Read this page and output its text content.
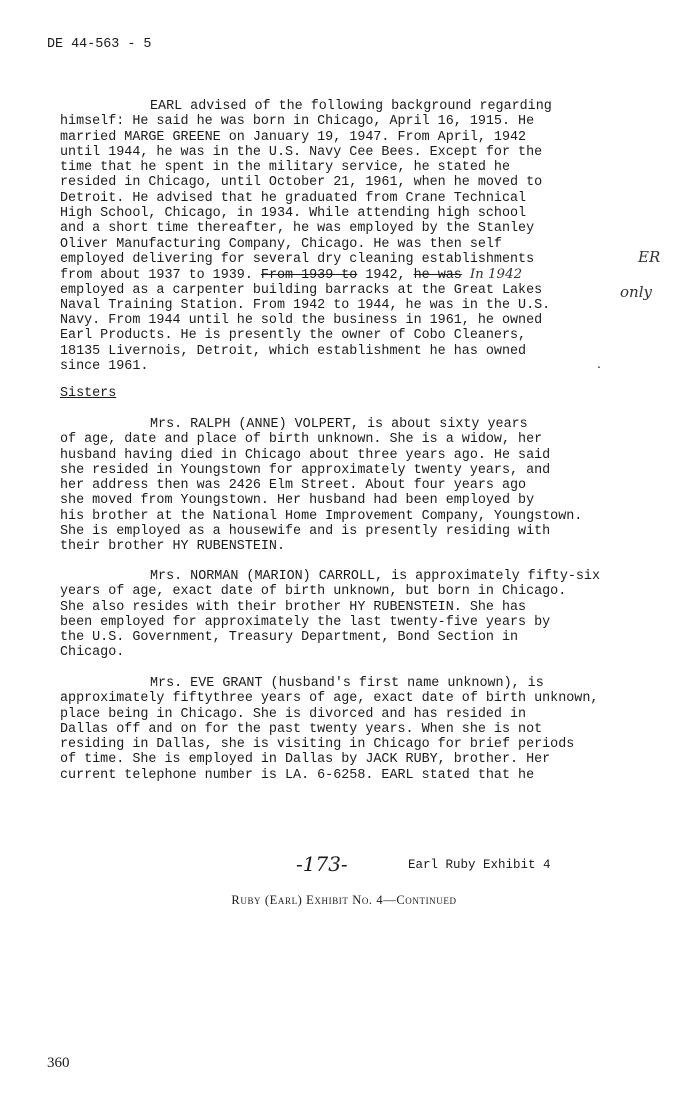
DE 44-563 - 5
EARL advised of the following background regarding
himself: He said he was born in Chicago, April 16, 1915. He
married MARGE GREENE on January 19, 1947. From April, 1942
until 1944, he was in the U.S. Navy Cee Bees. Except for the
time that he spent in the military service, he stated he
resided in Chicago, until October 21, 1961, when he moved to
Detroit. He advised that he graduated from Crane Technical
High School, Chicago, in 1934. While attending high school
and a short time thereafter, he was employed by the Stanley
Oliver Manufacturing Company, Chicago. He was then self
employed delivering for several dry cleaning establishments
from about 1937 to 1939. From 1939 to 1942, he was In 1942
employed as a carpenter building barracks at the Great Lakes
Naval Training Station. From 1942 to 1944, he was in the U.S.
Navy. From 1944 until he sold the business in 1961, he owned
Earl Products. He is presently the owner of Cobo Cleaners,
18135 Livernois, Detroit, which establishment he has owned
since 1961.
ER
only
.
Sisters
Mrs. RALPH (ANNE) VOLPERT, is about sixty years
of age, date and place of birth unknown. She is a widow, her
husband having died in Chicago about three years ago. He said
she resided in Youngstown for approximately twenty years, and
her address then was 2426 Elm Street. About four years ago
she moved from Youngstown. Her husband had been employed by
his brother at the National Home Improvement Company, Youngstown.
She is employed as a housewife and is presently residing with
their brother HY RUBENSTEIN.
Mrs. NORMAN (MARION) CARROLL, is approximately fifty-six
years of age, exact date of birth unknown, but born in Chicago.
She also resides with their brother HY RUBENSTEIN. She has
been employed for approximately the last twenty-five years by
the U.S. Government, Treasury Department, Bond Section in
Chicago.
Mrs. EVE GRANT (husband's first name unknown), is
approximately fiftythree years of age, exact date of birth unknown,
place being in Chicago. She is divorced and has resided in
Dallas off and on for the past twenty years. When she is not
residing in Dallas, she is visiting in Chicago for brief periods
of time. She is employed in Dallas by JACK RUBY, brother. Her
current telephone number is LA. 6-6258. EARL stated that he
-173-	Earl Ruby Exhibit 4
Ruby (Earl) Exhibit No. 4—Continued
360
